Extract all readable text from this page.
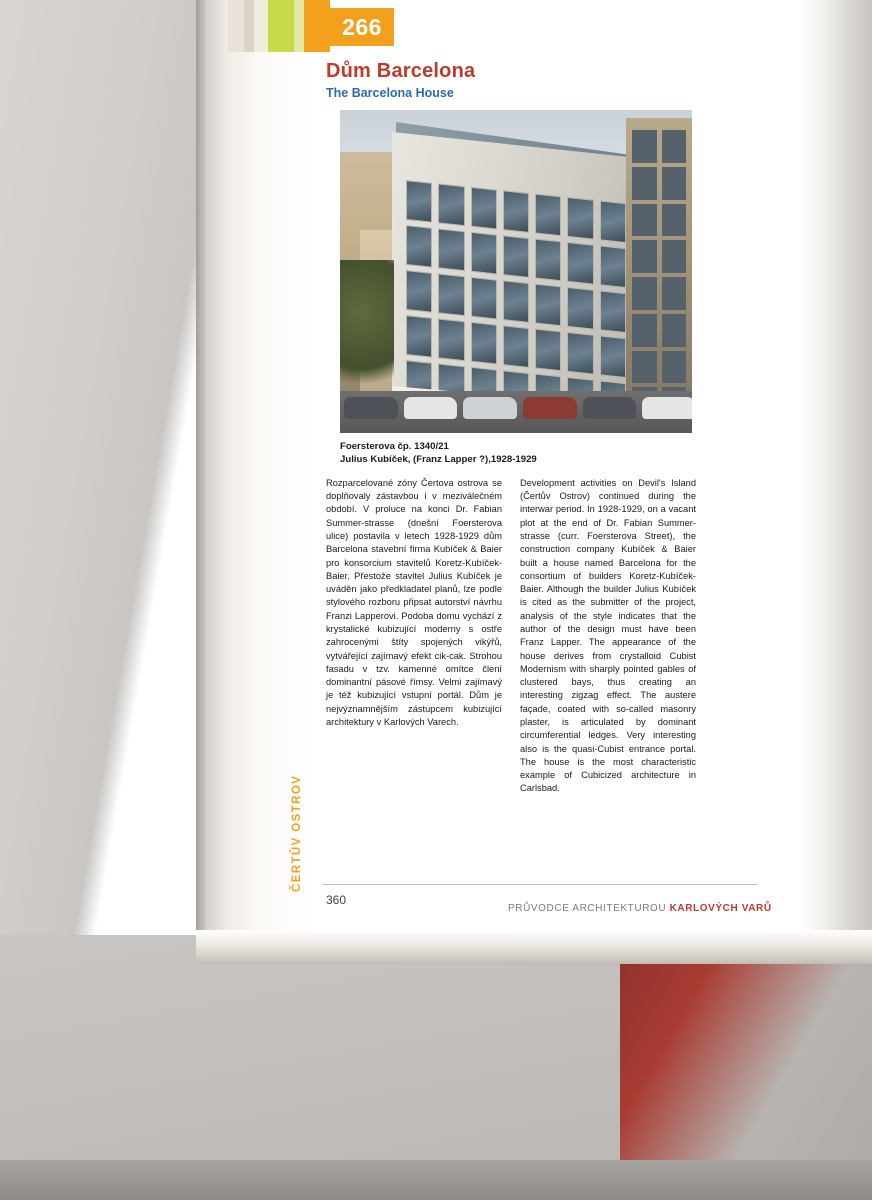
266
ČERTŮV OSTROV
Dům Barcelona
The Barcelona House
Foersterova čp. 1340/21
Julius Kubíček, (Franz Lapper ?),1928-1929

Rozparcelované zóny Čertova ostrova se doplňovaly zástavbou i v meziválečném období. V proluce na konci Dr. Fabian Summer-strasse (dnešní Foersterova ulice) postavila v letech 1928-1929 dům Barcelona stavební firma Kubíček & Baier pro konsorcium stavitelů Koretz-Kubíček-Baier. Přestože stavitel Julius Kubíček je uváděn jako předkladatel planů, lze podle stylového rozboru připsat autorství návrhu Franzi Lapperovi. Podoba domu vychází z krystalické kubizující moderny s ostře zahrocenými štíty spojených vikýřů, vytvářející zajímavý efekt cik-cak. Strohou fasadu v tzv. kamenné omítce člení dominantní pásové římsy. Velmi zajímavý je též kubizující vstupní portál. Dům je nejvýznamnějším zástupcem kubizující architektury v Karlových Varech.

Development activities on Devil's Island (Čertův Ostrov) continued during the interwar period. In 1928-1929, on a vacant plot at the end of Dr. Fabian Summer-strasse (curr. Foersterova Street), the construction company Kubíček & Baier built a house named Barcelona for the consortium of builders Koretz-Kubíček-Baier. Although the builder Julius Kubíček is cited as the submitter of the project, analysis of the style indicates that the author of the design must have been Franz Lapper. The appearance of the house derives from crystalloid Cubist Modernism with sharply pointed gables of clustered bays, thus creating an interesting zigzag effect. The austere façade, coated with so-called masonry plaster, is articulated by dominant circumferential ledges. Very interesting also is the quasi-Cubist entrance portal. The house is the most characteristic example of Cubicized architecture in Carlsbad.

360
PRŮVODCE ARCHITEKTUROU KARLOVÝCH VARŮ
